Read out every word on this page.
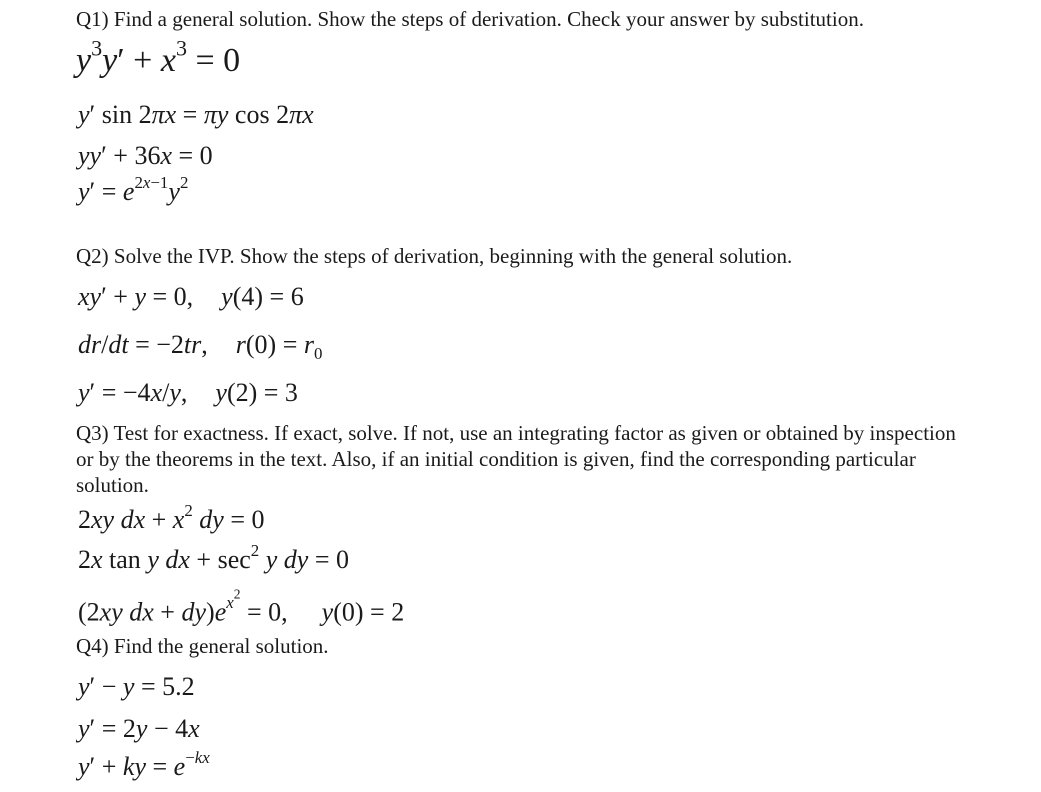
Q1) Find a general solution. Show the steps of derivation. Check your answer by substitution.
$y^3y' + x^3 = 0$
y′ sin 2πx = πy cos 2πx
yy′ + 36x = 0
$y' = e^{2x-1}y^2$
Q2) Solve the IVP. Show the steps of derivation, beginning with the general solution.
xy′ + y = 0, y(4) = 6
dr/dt = −2tr, $r(0) = r_0$
y′ = −4x/y, y(2) = 3
Q3) Test for exactness. If exact, solve. If not, use an integrating factor as given or obtained by inspection or by the theorems in the text. Also, if an initial condition is given, find the corresponding particular solution.
2xy dx + $x^2$ dy = 0
2x tan y dx + $\sec^2 y$ dy = 0
(2xy dx + $dy)e^{x^2} = 0$, y(0) = 2
Q4) Find the general solution.
y′ − y = 5.2
y′ = 2y − 4x
y′ + ky = $e^{-kx}$
